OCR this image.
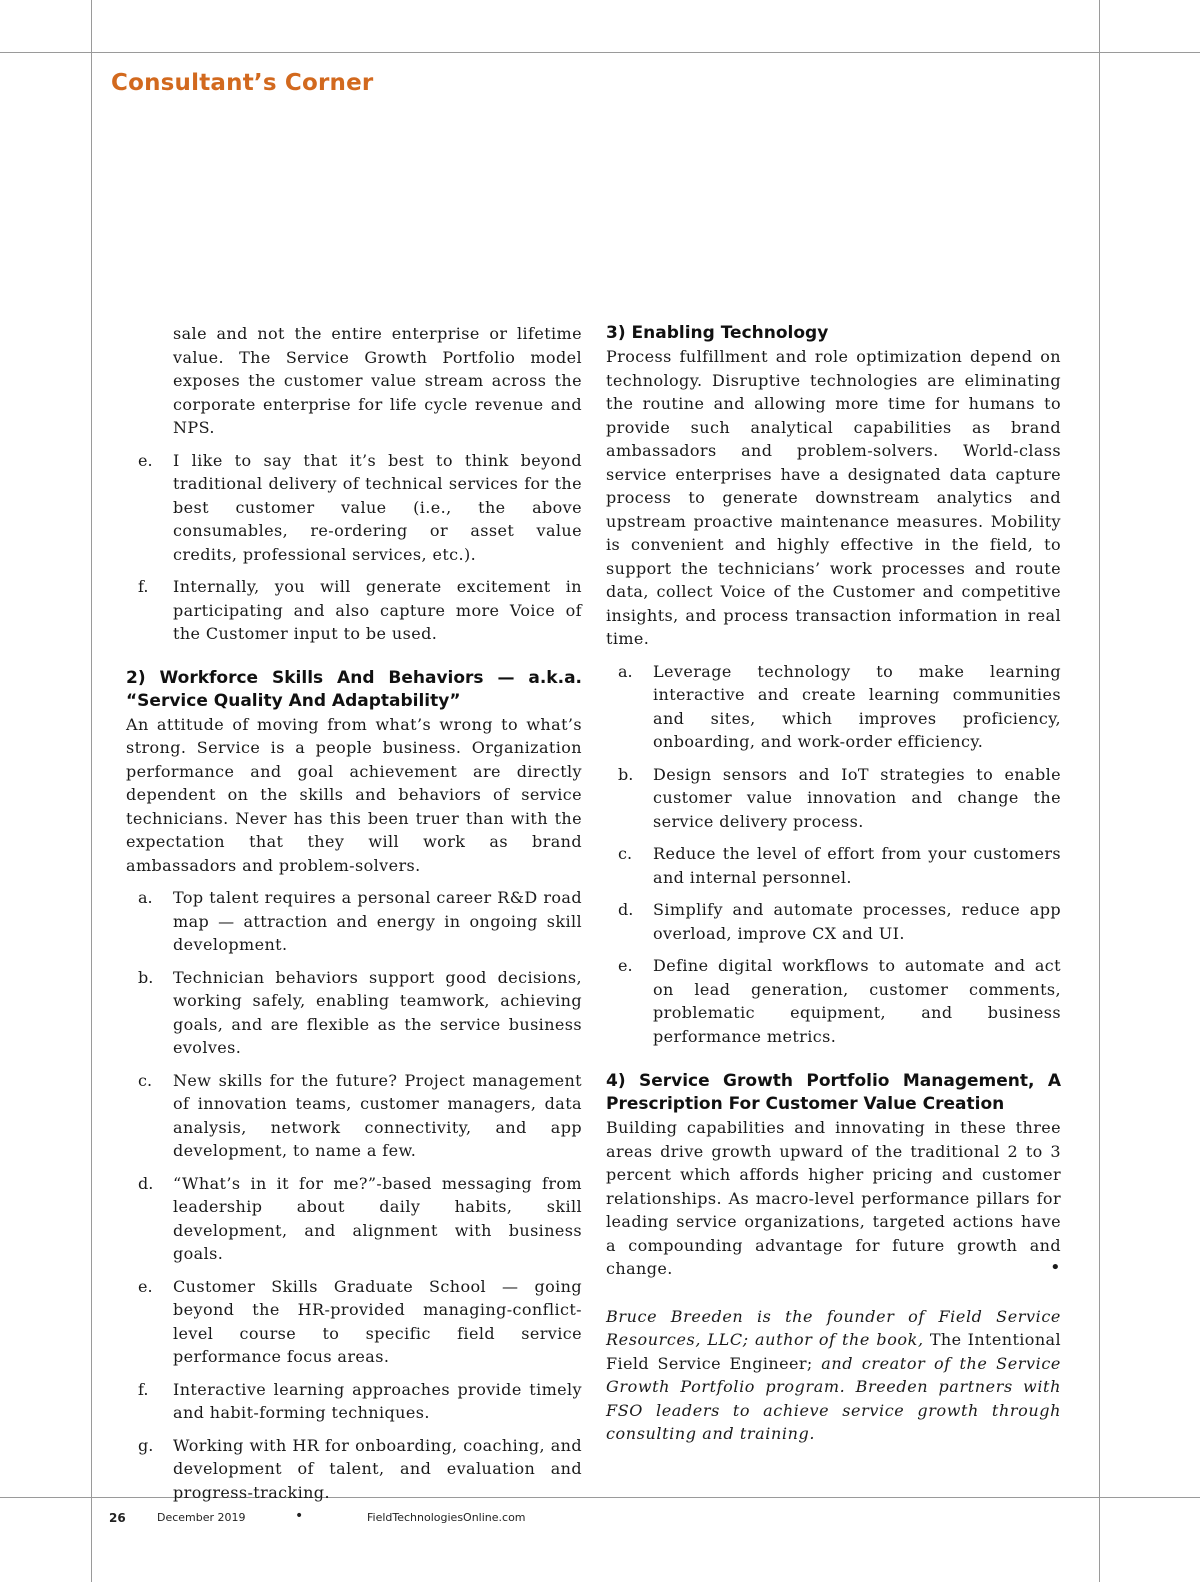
Consultant’s Corner

sale and not the entire enterprise or lifetime value. The Service Growth Portfolio model exposes the customer value stream across the corporate enterprise for life cycle revenue and NPS.

e. I like to say that it’s best to think beyond traditional delivery of technical services for the best customer value (i.e., the above consumables, re-ordering or asset value credits, professional services, etc.).
f. Internally, you will generate excitement in participating and also capture more Voice of the Customer input to be used.
2) Workforce Skills And Behaviors — a.k.a. “Service Quality And Adaptability”

An attitude of moving from what’s wrong to what’s strong. Service is a people business. Organization performance and goal achievement are directly dependent on the skills and behaviors of service technicians. Never has this been truer than with the expectation that they will work as brand ambassadors and problem-solvers.

a. Top talent requires a personal career R&D road map — attraction and energy in ongoing skill development.
b. Technician behaviors support good decisions, working safely, enabling teamwork, achieving goals, and are flexible as the service business evolves.
c. New skills for the future? Project management of innovation teams, customer managers, data analysis, network connectivity, and app development, to name a few.
d. “What’s in it for me?”-based messaging from leadership about daily habits, skill development, and alignment with business goals.
e. Customer Skills Graduate School — going beyond the HR-provided managing-conflict-level course to specific field service performance focus areas.
f. Interactive learning approaches provide timely and habit-forming techniques.
g. Working with HR for onboarding, coaching, and development of talent, and evaluation and progress-tracking.
3) Enabling Technology

Process fulfillment and role optimization depend on technology. Disruptive technologies are eliminating the routine and allowing more time for humans to provide such analytical capabilities as brand ambassadors and problem-solvers. World-class service enterprises have a designated data capture process to generate downstream analytics and upstream proactive maintenance measures. Mobility is convenient and highly effective in the field, to support the technicians’ work processes and route data, collect Voice of the Customer and competitive insights, and process transaction information in real time.

a. Leverage technology to make learning interactive and create learning communities and sites, which improves proficiency, onboarding, and work-order efficiency.
b. Design sensors and IoT strategies to enable customer value innovation and change the service delivery process.
c. Reduce the level of effort from your customers and internal personnel.
d. Simplify and automate processes, reduce app overload, improve CX and UI.
e. Define digital workflows to automate and act on lead generation, customer comments, problematic equipment, and business performance metrics.
4) Service Growth Portfolio Management, A Prescription For Customer Value Creation

Building capabilities and innovating in these three areas drive growth upward of the traditional 2 to 3 percent which affords higher pricing and customer relationships. As macro-level performance pillars for leading service organizations, targeted actions have a compounding advantage for future growth and change.	•

Bruce Breeden is the founder of Field Service Resources, LLC; author of the book, The Intentional Field Service Engineer; and creator of the Service Growth Portfolio program. Breeden partners with FSO leaders to achieve service growth through consulting and training.

26	December 2019	•	FieldTechnologiesOnline.com
